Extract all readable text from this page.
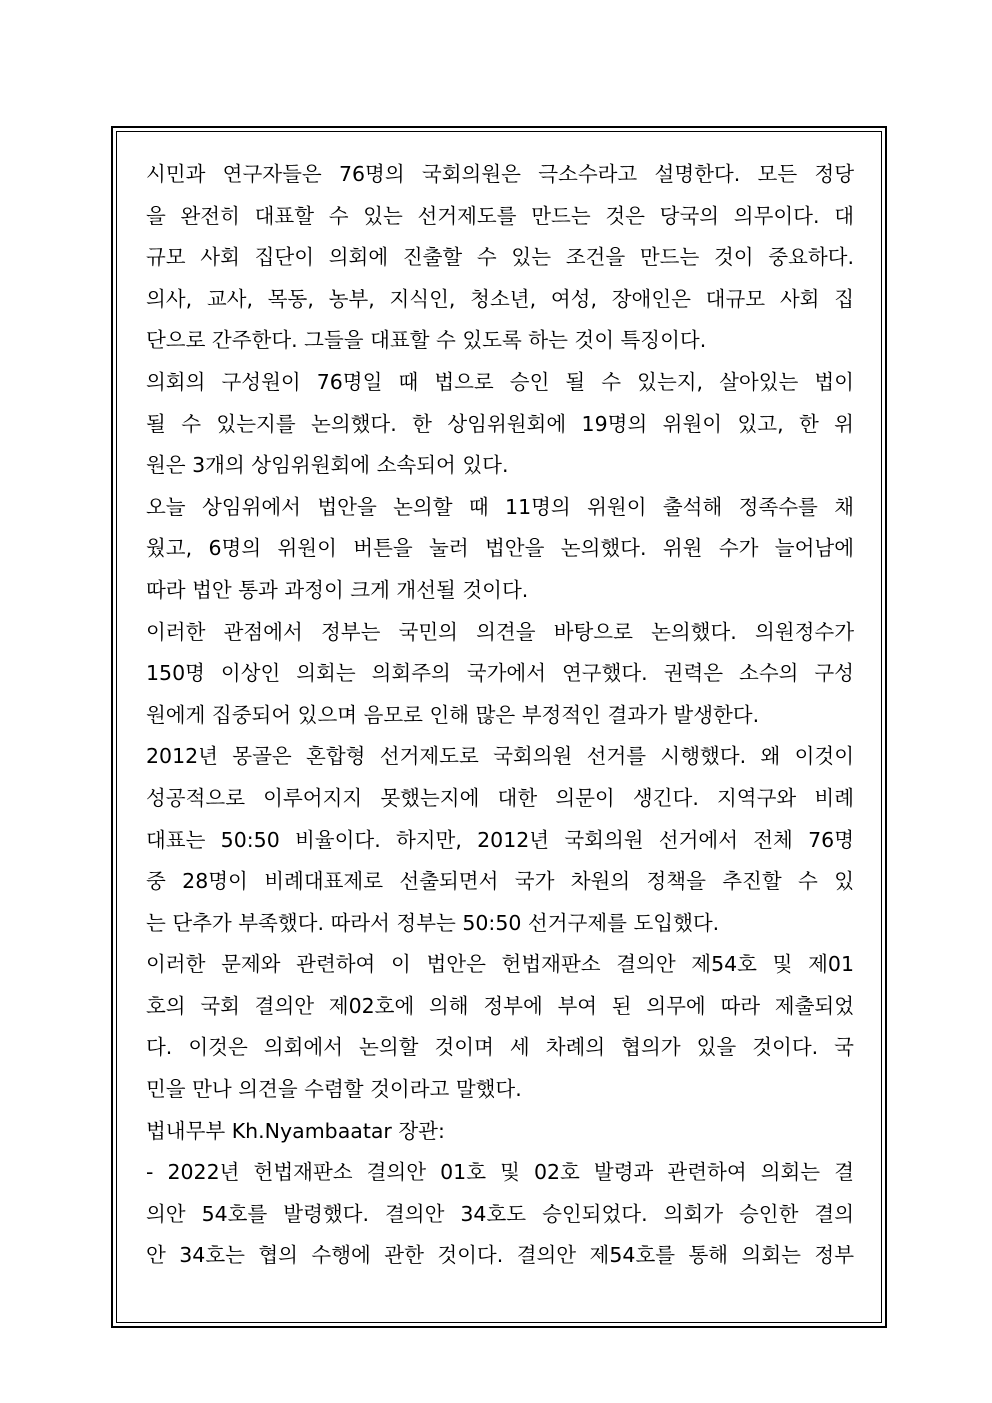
시민과 연구자들은 76명의 국회의원은 극소수라고 설명한다. 모든 정당
을 완전히 대표할 수 있는 선거제도를 만드는 것은 당국의 의무이다. 대
규모 사회 집단이 의회에 진출할 수 있는 조건을 만드는 것이 중요하다.
의사, 교사, 목동, 농부, 지식인, 청소년, 여성, 장애인은 대규모 사회 집
단으로 간주한다. 그들을 대표할 수 있도록 하는 것이 특징이다.
의회의 구성원이 76명일 때 법으로 승인 될 수 있는지, 살아있는 법이
될 수 있는지를 논의했다. 한 상임위원회에 19명의 위원이 있고, 한 위
원은 3개의 상임위원회에 소속되어 있다.
오늘 상임위에서 법안을 논의할 때 11명의 위원이 출석해 정족수를 채
웠고, 6명의 위원이 버튼을 눌러 법안을 논의했다. 위원 수가 늘어남에
따라 법안 통과 과정이 크게 개선될 것이다.
이러한 관점에서 정부는 국민의 의견을 바탕으로 논의했다. 의원정수가
150명 이상인 의회는 의회주의 국가에서 연구했다. 권력은 소수의 구성
원에게 집중되어 있으며 음모로 인해 많은 부정적인 결과가 발생한다.
2012년 몽골은 혼합형 선거제도로 국회의원 선거를 시행했다. 왜 이것이
성공적으로 이루어지지 못했는지에 대한 의문이 생긴다. 지역구와 비례
대표는 50:50 비율이다. 하지만, 2012년 국회의원 선거에서 전체 76명
중 28명이 비례대표제로 선출되면서 국가 차원의 정책을 추진할 수 있
는 단추가 부족했다. 따라서 정부는 50:50 선거구제를 도입했다.
이러한 문제와 관련하여 이 법안은 헌법재판소 결의안 제54호 및 제01
호의 국회 결의안 제02호에 의해 정부에 부여 된 의무에 따라 제출되었
다. 이것은 의회에서 논의할 것이며 세 차례의 협의가 있을 것이다. 국
민을 만나 의견을 수렴할 것이라고 말했다.
법내무부 Kh.Nyambaatar 장관:
- 2022년 헌법재판소 결의안 01호 및 02호 발령과 관련하여 의회는 결
의안 54호를 발령했다. 결의안 34호도 승인되었다. 의회가 승인한 결의
안 34호는 협의 수행에 관한 것이다. 결의안 제54호를 통해 의회는 정부
